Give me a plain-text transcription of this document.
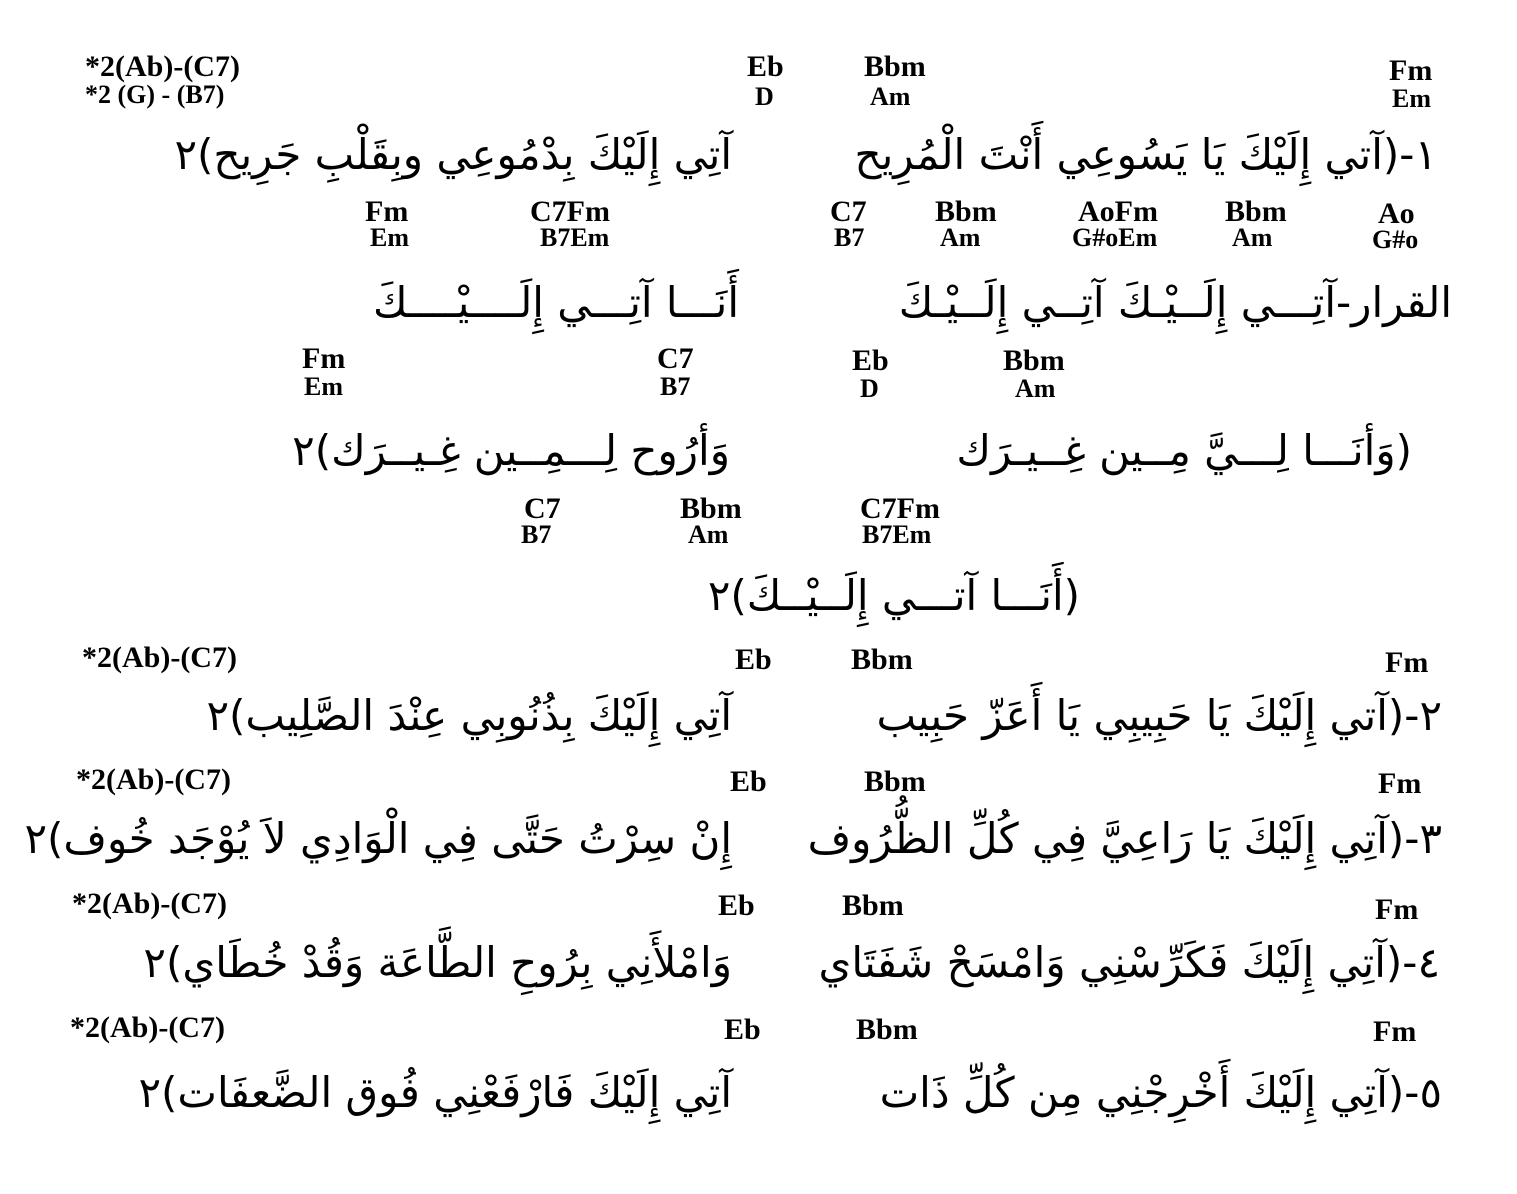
*2(Ab)-(C7)
*2 (G) - (B7)
Eb
D
Bbm
Am
Fm
Em
١-(آتي إِلَيْكَ يَا يَسُوعِي أَنْتَ الْمُرِيح
آتِي إِلَيْكَ بِدْمُوعِي وبِقَلْبِ جَرِيح)٢
Fm
Em
C7Fm
B7Em
C7
B7
Bbm
Am
AoFm
G#oEm
Bbm
Am
Ao
G#o
القرار-آتِـــي إِلَــيْـكَ آتِــي إِلَــيْـكَ
أَنَـــا آتِـــي إِلَــــيْــــكَ
Fm
Em
C7
B7
Eb
D
Bbm
Am
(وَأنَـــا لِـــيَّ مِــين غِــيـرَك
وَأرُوح لِـــمِــين غِـيــرَك)٢
C7
B7
Bbm
Am
C7Fm
B7Em
(أَنَـــا آتـــي إِلَــيْــكَ)٢
*2(Ab)-(C7)	Eb	Bbm	Fm
٢-(آتي إِلَيْكَ يَا حَبِيبِي يَا أَعَزّ حَبِيب
آتِي إِلَيْكَ بِذُنُوبِي عِنْدَ الصَّلِيب)٢
*2(Ab)-(C7)	Eb	Bbm	Fm
٣-(آتِي إِلَيْكَ يَا رَاعِيَّ فِي كُلِّ الظُّرُوف
إِنْ سِرْتُ حَتَّى فِي الْوَادِي لاَ يُوْجَد خُوف)٢
*2(Ab)-(C7)	Eb	Bbm	Fm
٤-(آتِي إِلَيْكَ فَكَرِّسْنِي وَامْسَحْ شَفَتَاي
وَامْلأَنِي بِرُوحِ الطَّاعَة وَقُدْ خُطَاي)٢
*2(Ab)-(C7)	Eb	Bbm	Fm
٥-(آتِي إِلَيْكَ أَخْرِجْنِي مِن كُلِّ ذَات
آتِي إِلَيْكَ فَارْفَعْنِي فُوق الضَّعفَات)٢
